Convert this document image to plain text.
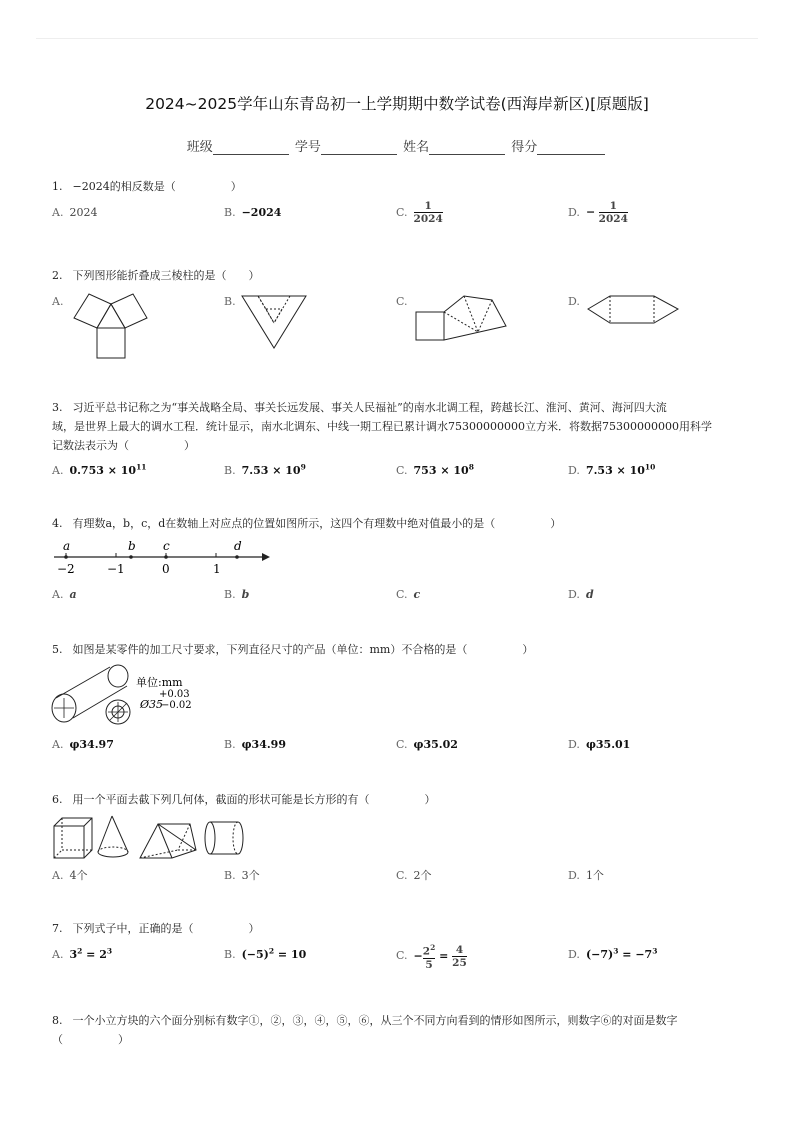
2024~2025学年山东青岛初一上学期期中数学试卷(西海岸新区)[原题版]
班级	学号	姓名	得分
1. −2024的相反数是（　　　　　）
A. 2024	B. −2024	C. $\frac{1}{2024}$	D. − $\frac{1}{2024}$
2. 下列图形能折叠成三棱柱的是（　　）
A.	B.	C.	D.
3. 习近平总书记称之为“事关战略全局、事关长远发展、事关人民福祉”的南水北调工程，跨越长江、淮河、黄河、海河四大流
域，是世界上最大的调水工程．统计显示，南水北调东、中线一期工程已累计调水75300000000立方米．将数据75300000000用科学
记数法表示为（　　　　　）
A. $0.753 \times 10^{11}$	B. $7.53 \times 10^9$	C. $753 \times 10^8$	D. $7.53 \times 10^{10}$
4. 有理数a，b，c，d在数轴上对应点的位置如图所示，这四个有理数中绝对值最小的是（　　　　　）
a	b c	d
−2	−1	0	1
A. a	B. b	C. c	D. d
5. 如图是某零件的加工尺寸要求，下列直径尺寸的产品（单位：mm）不合格的是（　　　　　）
单位:mm
+0.03
Ø35
−0.02
A. φ34.97	B. φ34.99	C. φ35.02	D. φ35.01
6. 用一个平面去截下列几何体，截面的形状可能是长方形的有（　　　　　）
A. 4个	B. 3个	C. 2个	D. 1个
7. 下列式子中，正确的是（　　　　　）
A. $3^2 = 2^3$	B. $(-5)^2 = 10$	C. − $\frac{2^2}{5} = \frac{4}{25}$	D. $(-7)^3 = -7^3$
8. 一个小立方块的六个面分别标有数字①，②，③，④，⑤，⑥，从三个不同方向看到的情形如图所示，则数字⑥的对面是数字
（　　　　　）
